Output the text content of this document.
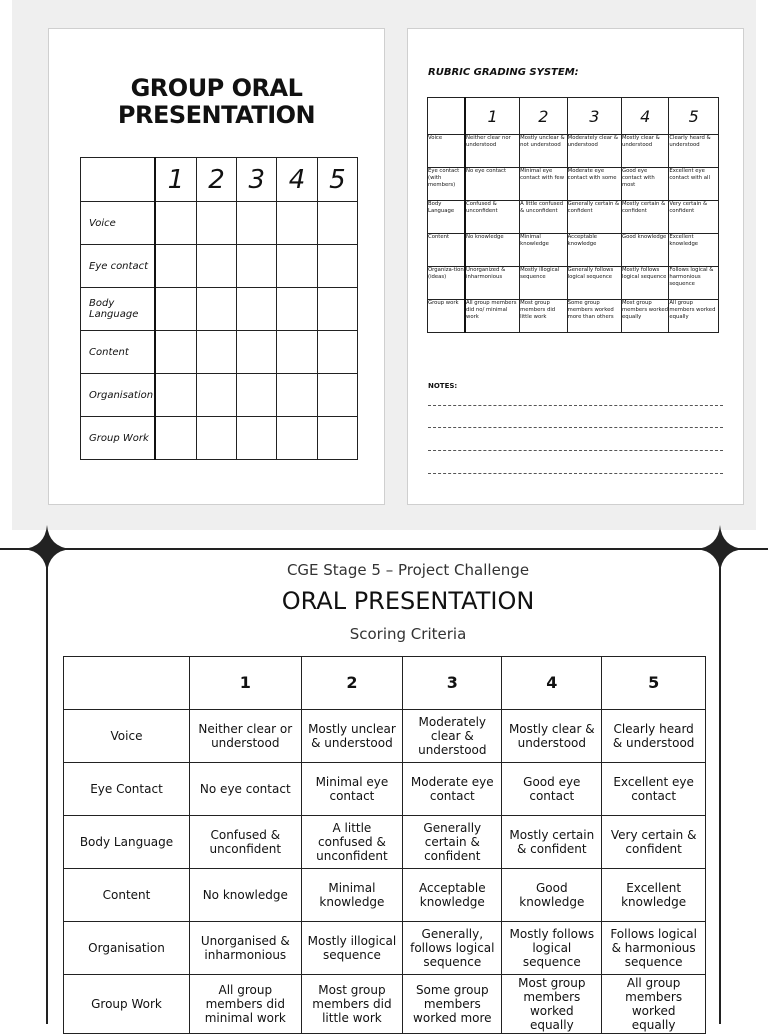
GROUP ORAL
PRESENTATION
	1	2	3	4	5
Voice					
Eye contact					
Body Language					
Content					
Organisation					
Group Work					
RUBRIC GRADING SYSTEM:
	1	2	3	4	5
Voice	Neither clear nor understood	Mostly unclear & not understood	Moderately clear & understood	Mostly clear & understood	Clearly heard & understood
Eye contact (with members)	No eye contact	Minimal eye contact with few	Moderate eye contact with some	Good eye contact with most	Excellent eye contact with all
Body Language	Confused & unconfident	A little confused & unconfident	Generally certain & confident	Mostly certain & confident	Very certain & confident
Content	No knowledge	Minimal knowledge	Acceptable knowledge	Good knowledge	Excellent knowledge
Organiza-tion (ideas)	Unorganized & inharmonious	Mostly illogical sequence	Generally follows logical sequence	Mostly follows logical sequence	Follows logical & harmonious sequence
Group work	All group members did no/ minimal work	Most group members did little work	Some group members worked more than others	Most group members worked equally	All group members worked equally
NOTES:
CGE Stage 5 – Project Challenge
ORAL PRESENTATION
Scoring Criteria
	1	2	3	4	5
Voice	Neither clear or understood	Mostly unclear & understood	Moderately clear & understood	Mostly clear & understood	Clearly heard & understood
Eye Contact	No eye contact	Minimal eye contact	Moderate eye contact	Good eye contact	Excellent eye contact
Body Language	Confused & unconfident	A little confused & unconfident	Generally certain & confident	Mostly certain & confident	Very certain & confident
Content	No knowledge	Minimal knowledge	Acceptable knowledge	Good knowledge	Excellent knowledge
Organisation	Unorganised & inharmonious	Mostly illogical sequence	Generally, follows logical sequence	Mostly follows logical sequence	Follows logical & harmonious sequence
Group Work	All group members did minimal work	Most group members did little work	Some group members worked more	Most group members worked equally	All group members worked equally
